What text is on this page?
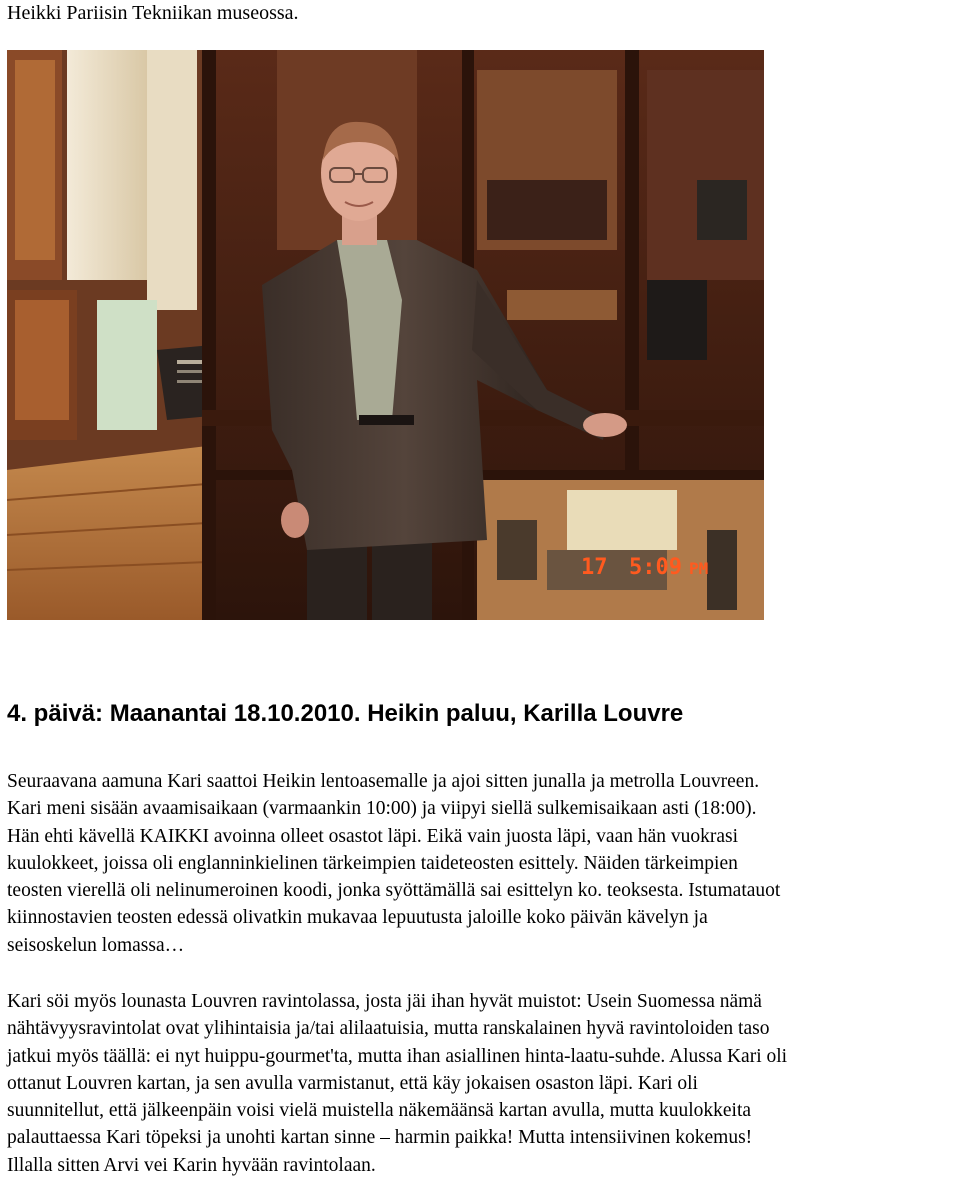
Heikki Pariisin Tekniikan museossa.
17 5:09 PM
4. päivä: Maanantai 18.10.2010. Heikin paluu, Karilla Louvre

Seuraavana aamuna Kari saattoi Heikin lentoasemalle ja ajoi sitten junalla ja metrolla Louvreen.
Kari meni sisään avaamisaikaan (varmaankin 10:00) ja viipyi siellä sulkemisaikaan asti (18:00).
Hän ehti kävellä KAIKKI avoinna olleet osastot läpi. Eikä vain juosta läpi, vaan hän vuokrasi
kuulokkeet, joissa oli englanninkielinen tärkeimpien taideteosten esittely. Näiden tärkeimpien
teosten vierellä oli nelinumeroinen koodi, jonka syöttämällä sai esittelyn ko. teoksesta. Istumatauot
kiinnostavien teosten edessä olivatkin mukavaa lepuutusta jaloille koko päivän kävelyn ja
seisoskelun lomassa…

Kari söi myös lounasta Louvren ravintolassa, josta jäi ihan hyvät muistot: Usein Suomessa nämä
nähtävyysravintolat ovat ylihintaisia ja/tai alilaatuisia, mutta ranskalainen hyvä ravintoloiden taso
jatkui myös täällä: ei nyt huippu-gourmet'ta, mutta ihan asiallinen hinta-laatu-suhde. Alussa Kari oli
ottanut Louvren kartan, ja sen avulla varmistanut, että käy jokaisen osaston läpi. Kari oli
suunnitellut, että jälkeenpäin voisi vielä muistella näkemäänsä kartan avulla, mutta kuulokkeita
palauttaessa Kari töpeksi ja unohti kartan sinne – harmin paikka! Mutta intensiivinen kokemus!
Illalla sitten Arvi vei Karin hyvään ravintolaan.
